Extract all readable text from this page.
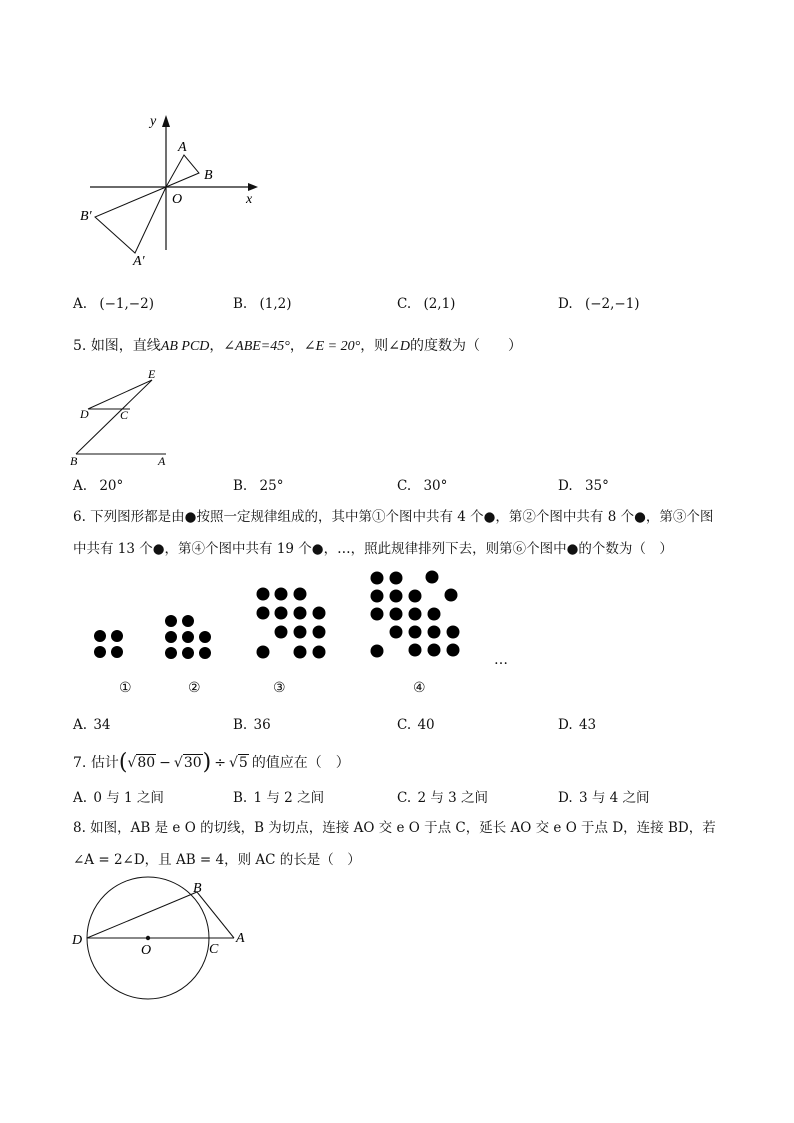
y
x
O
A
B
B′
A′
A. (−1,−2)	B. (1,2)	C. (2,1)	D. (−2,−1)
5. 如图，直线AB PCD，∠ABE=45°，∠E = 20°，则∠D的度数为（　　）
E
D	C
B	A
A. 20°	B. 25°	C. 30°	D. 35°
6. 下列图形都是由●按照一定规律组成的，其中第①个图中共有 4 个●，第②个图中共有 8 个●，第③个图
中共有 13 个●，第④个图中共有 19 个●，…，照此规律排列下去，则第⑥个图中●的个数为（　）
①	②	③	④
…
A. 34	B. 36	C. 40	D. 43
7. 估计(√80 − √30) ÷ √5 的值应在（　）
A. 0 与 1 之间	B. 1 与 2 之间	C. 2 与 3 之间	D. 3 与 4 之间
8. 如图，AB 是 e O 的切线，B 为切点，连接 AO 交 e O 于点 C，延长 AO 交 e O 于点 D，连接 BD，若
∠A = 2∠D，且 AB = 4，则 AC 的长是（　）
B
D
O	C
A
